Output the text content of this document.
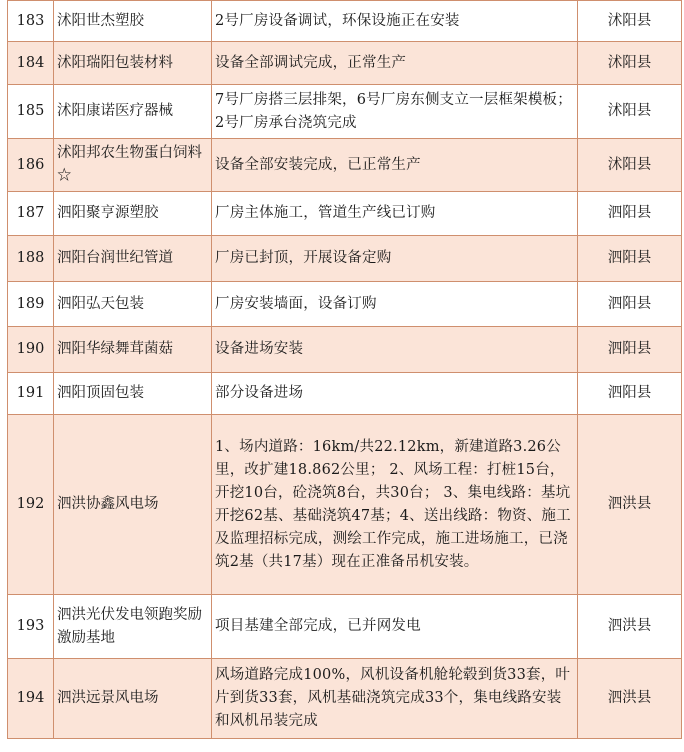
183	沭阳世杰塑胶	2号厂房设备调试，环保设施正在安装	沭阳县
184	沭阳瑞阳包装材料	设备全部调试完成，正常生产	沭阳县
185	沭阳康诺医疗器械	7号厂房搭三层排架，6号厂房东侧支立一层框架模板；2号厂房承台浇筑完成	沭阳县
186	沭阳邦农生物蛋白饲料☆	设备全部安装完成，已正常生产	沭阳县
187	泗阳聚亨源塑胶	厂房主体施工，管道生产线已订购	泗阳县
188	泗阳台润世纪管道	厂房已封顶，开展设备定购	泗阳县
189	泗阳弘天包装	厂房安装墙面，设备订购	泗阳县
190	泗阳华绿舞茸菌菇	设备进场安装	泗阳县
191	泗阳顶固包装	部分设备进场	泗阳县
192	泗洪协鑫风电场	1、场内道路：16km/共22.12km，新建道路3.26公里，改扩建18.862公里； 2、风场工程：打桩15台，开挖10台，砼浇筑8台，共30台； 3、集电线路：基坑开挖62基、基础浇筑47基；4、送出线路：物资、施工及监理招标完成，测绘工作完成，施工进场施工，已浇筑2基（共17基）现在正准备吊机安装。	泗洪县
193	泗洪光伏发电领跑奖励激励基地	项目基建全部完成，已并网发电	泗洪县
194	泗洪远景风电场	风场道路完成100%，风机设备机舱轮毂到货33套，叶片到货33套，风机基础浇筑完成33个，集电线路安装和风机吊装完成	泗洪县
